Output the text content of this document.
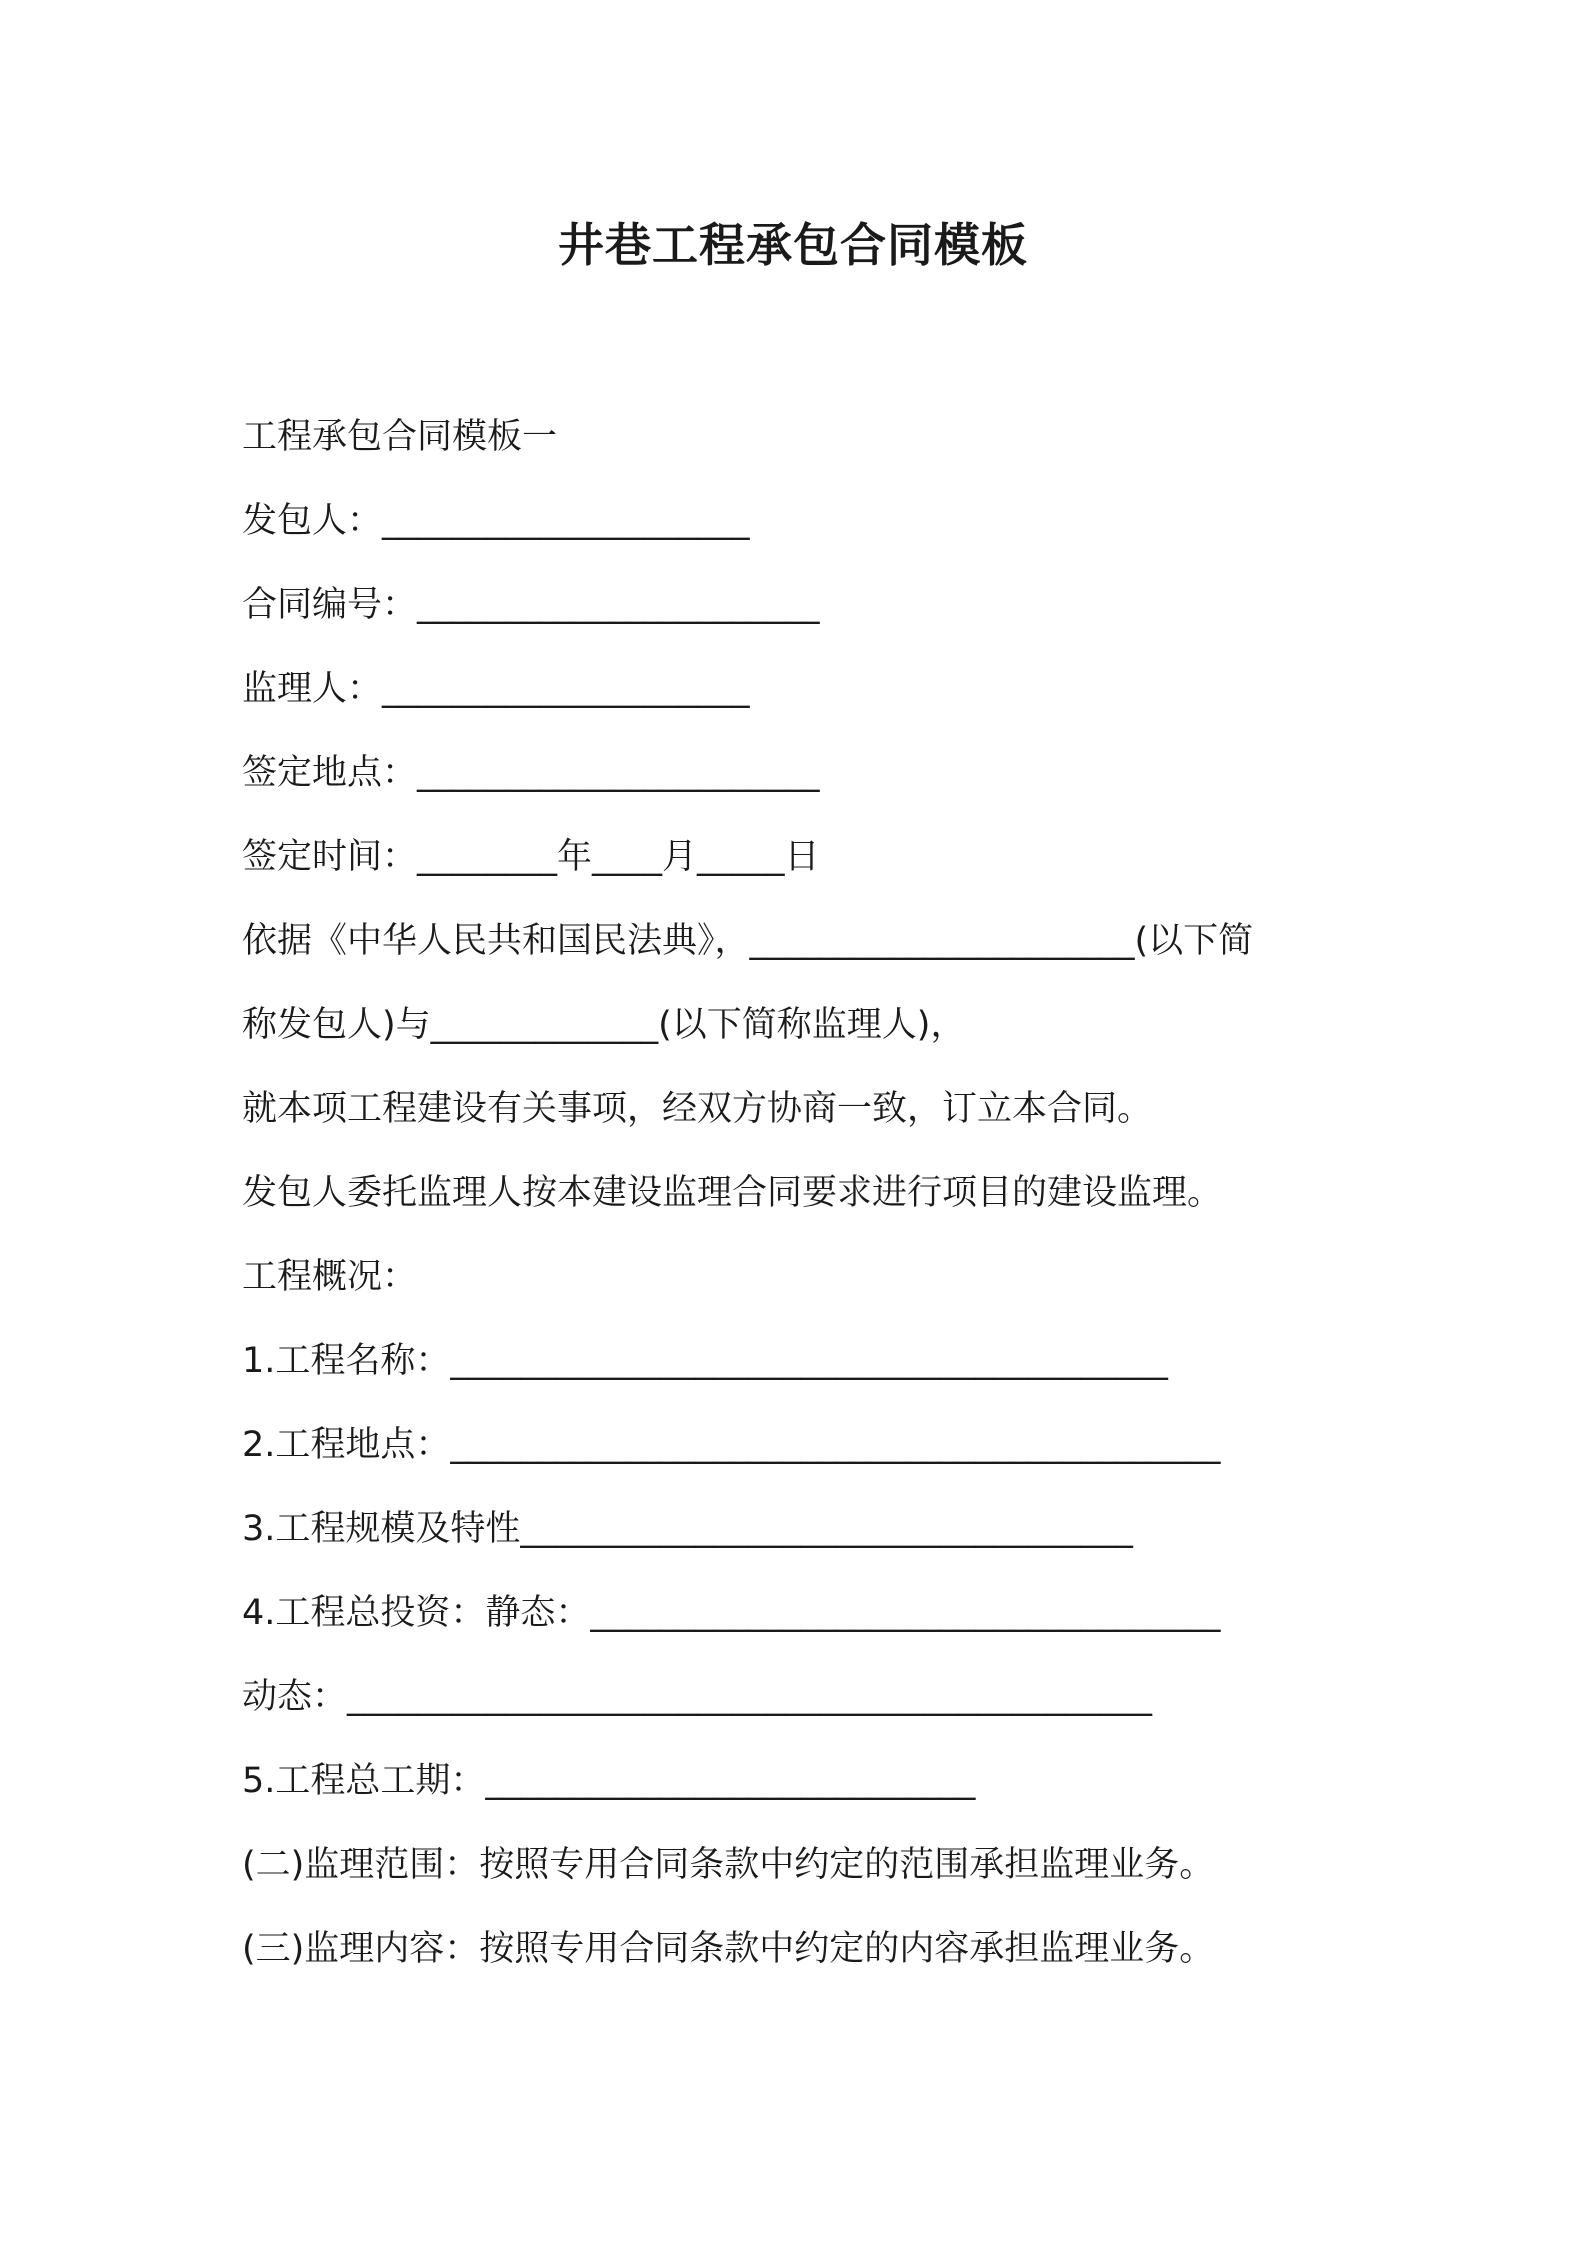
井巷工程承包合同模板
工程承包合同模板一
发包人：_____________________
合同编号：_______________________
监理人：_____________________
签定地点：_______________________
签定时间：________年____月_____日
依据《中华人民共和国民法典》，______________________(以下简
称发包人)与_____________(以下简称监理人)，
就本项工程建设有关事项，经双方协商一致，订立本合同。
发包人委托监理人按本建设监理合同要求进行项目的建设监理。
工程概况：
1.工程名称：_________________________________________
2.工程地点：____________________________________________
3.工程规模及特性___________________________________
4.工程总投资：静态：____________________________________
动态：______________________________________________
5.工程总工期：____________________________
(二)监理范围：按照专用合同条款中约定的范围承担监理业务。
(三)监理内容：按照专用合同条款中约定的内容承担监理业务。
